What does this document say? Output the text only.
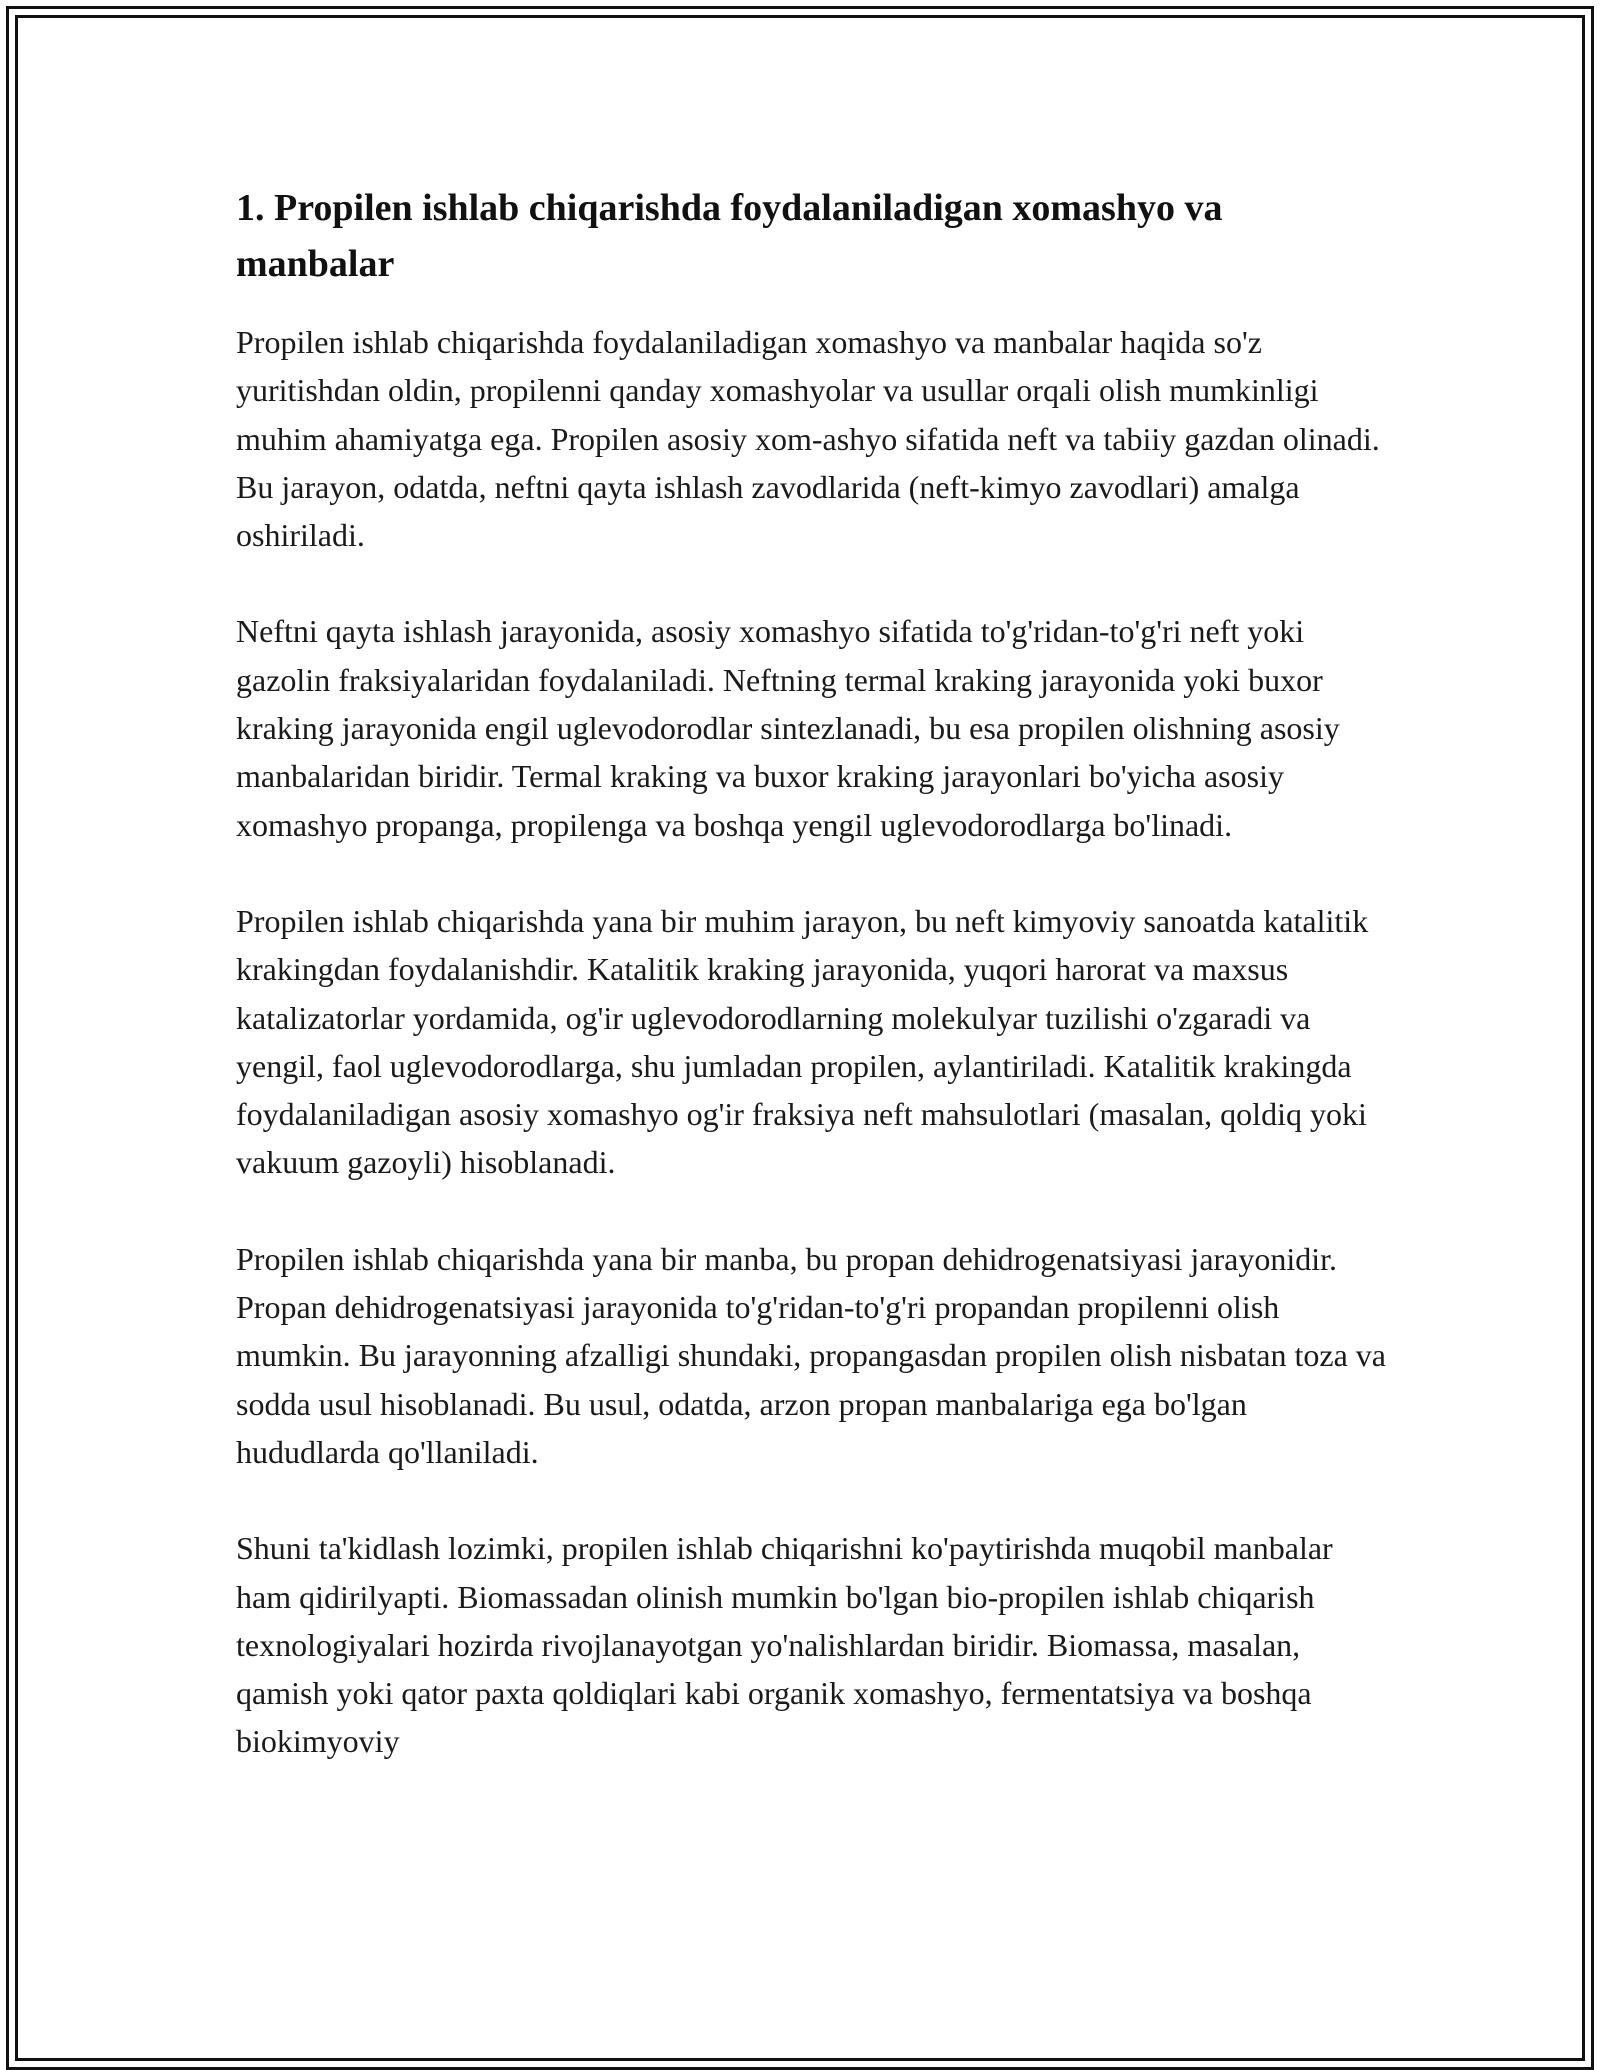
1. Propilen ishlab chiqarishda foydalaniladigan xomashyo va manbalar

Propilen ishlab chiqarishda foydalaniladigan xomashyo va manbalar haqida so'z yuritishdan oldin, propilenni qanday xomashyolar va usullar orqali olish mumkinligi muhim ahamiyatga ega. Propilen asosiy xom-ashyo sifatida neft va tabiiy gazdan olinadi. Bu jarayon, odatda, neftni qayta ishlash zavodlarida (neft-kimyo zavodlari) amalga oshiriladi.

Neftni qayta ishlash jarayonida, asosiy xomashyo sifatida to'g'ridan-to'g'ri neft yoki gazolin fraksiyalaridan foydalaniladi. Neftning termal kraking jarayonida yoki buxor kraking jarayonida engil uglevodorodlar sintezlanadi, bu esa propilen olishning asosiy manbalaridan biridir. Termal kraking va buxor kraking jarayonlari bo'yicha asosiy xomashyo propanga, propilenga va boshqa yengil uglevodorodlarga bo'linadi.

Propilen ishlab chiqarishda yana bir muhim jarayon, bu neft kimyoviy sanoatda katalitik krakingdan foydalanishdir. Katalitik kraking jarayonida, yuqori harorat va maxsus katalizatorlar yordamida, og'ir uglevodorodlarning molekulyar tuzilishi o'zgaradi va yengil, faol uglevodorodlarga, shu jumladan propilen, aylantiriladi. Katalitik krakingda foydalaniladigan asosiy xomashyo og'ir fraksiya neft mahsulotlari (masalan, qoldiq yoki vakuum gazoyli) hisoblanadi.

Propilen ishlab chiqarishda yana bir manba, bu propan dehidrogenatsiyasi jarayonidir. Propan dehidrogenatsiyasi jarayonida to'g'ridan-to'g'ri propandan propilenni olish mumkin. Bu jarayonning afzalligi shundaki, propangasdan propilen olish nisbatan toza va sodda usul hisoblanadi. Bu usul, odatda, arzon propan manbalariga ega bo'lgan hududlarda qo'llaniladi.

Shuni ta'kidlash lozimki, propilen ishlab chiqarishni ko'paytirishda muqobil manbalar ham qidirilyapti. Biomassadan olinish mumkin bo'lgan bio-propilen ishlab chiqarish texnologiyalari hozirda rivojlanayotgan yo'nalishlardan biridir. Biomassa, masalan, qamish yoki qator paxta qoldiqlari kabi organik xomashyo, fermentatsiya va boshqa biokimyoviy
